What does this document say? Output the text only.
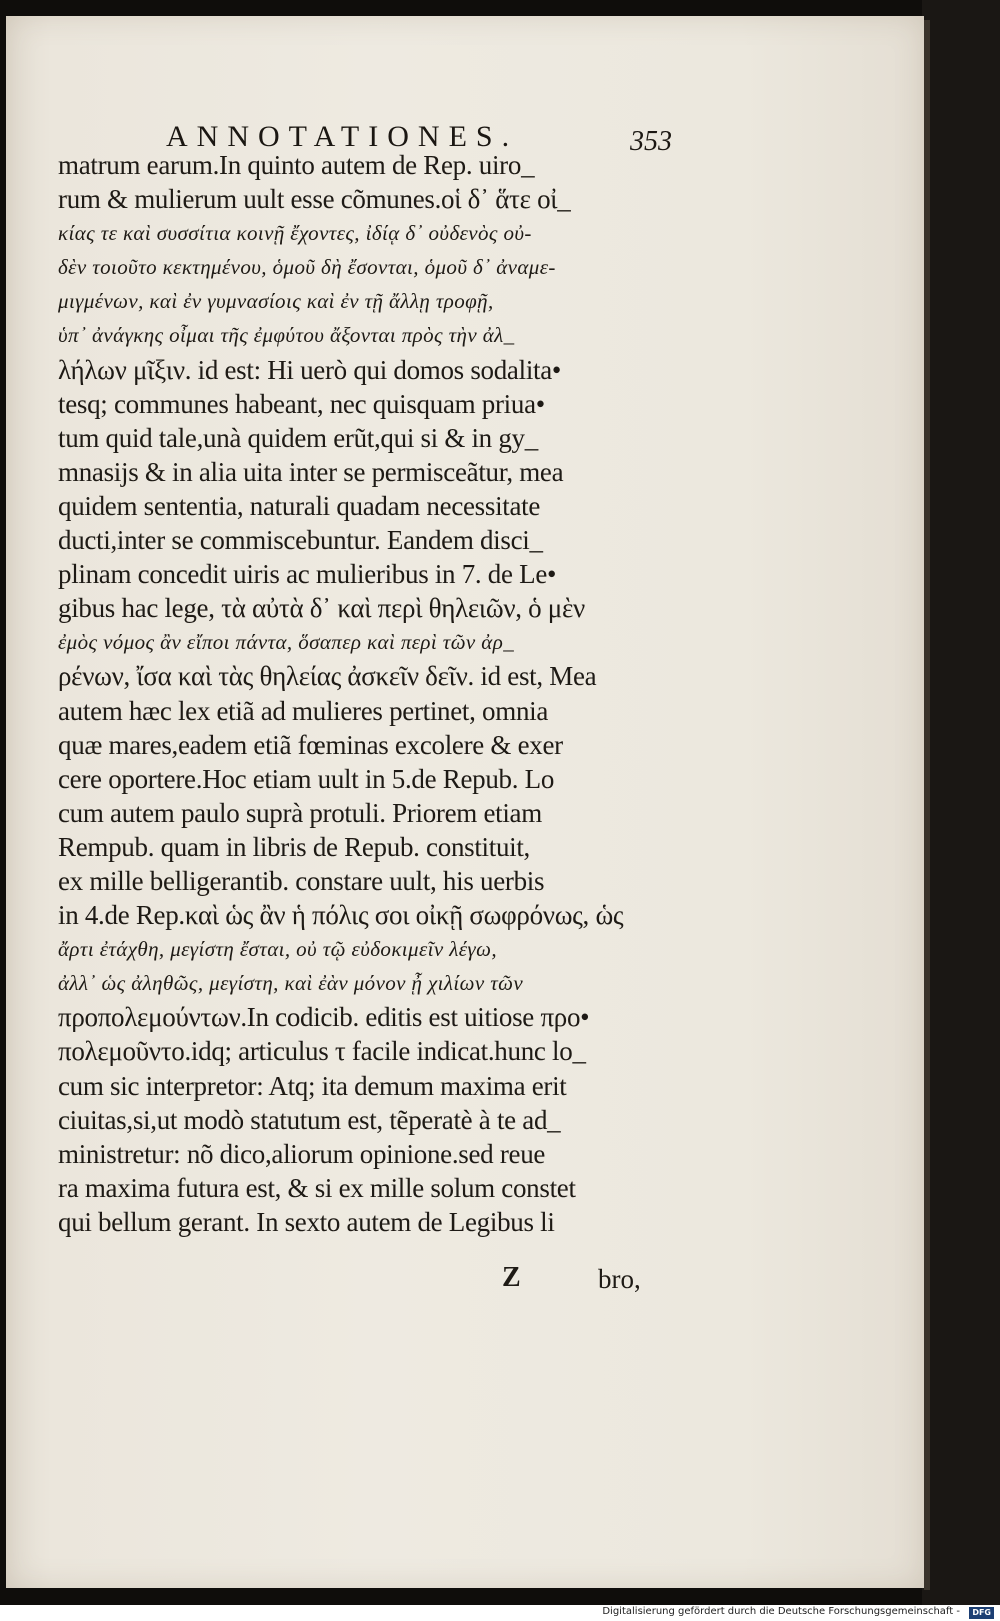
ANNOTATIONES.	353
matrum earum.In quinto autem de Rep. uiro_
rum & mulierum uult esse cõmunes.οἱ δ᾽ ἅτε οἰ_
κίας τε καὶ συσσίτια κοινῇ ἔχοντες, ἰδίᾳ δ᾽ οὐδενὸς οὐ-
δὲν τοιοῦτο κεκτημένου, ὁμοῦ δὴ ἔσονται, ὁμοῦ δ᾽ ἀναμε-
μιγμένων, καὶ ἐν γυμνασίοις καὶ ἐν τῇ ἄλλῃ τροφῇ,
ὑπ᾽ ἀνάγκης οἶμαι τῆς ἐμφύτου ἄξονται πρὸς τὴν ἀλ_
λήλων μῖξιν. id est: Hi uerò qui domos sodalita•
tesq; communes habeant, nec quisquam priua•
tum quid tale,unà quidem erũt,qui si & in gy_
mnasijs & in alia uita inter se permisceãtur, mea
quidem sententia, naturali quadam necessitate
ducti,inter se commiscebuntur. Eandem disci_
plinam concedit uiris ac mulieribus in 7. de Le•
gibus hac lege, τὰ αὐτὰ δ᾽ καὶ περὶ θηλειῶν, ὁ μὲν
ἐμὸς νόμος ἂν εἴποι πάντα, ὅσαπερ καὶ περὶ τῶν ἀρ_
ρένων, ἴσα καὶ τὰς θηλείας ἀσκεῖν δεῖν. id est, Mea
autem hæc lex etiã ad mulieres pertinet, omnia
quæ mares,eadem etiã fœminas excolere & exer
cere oportere.Hoc etiam uult in 5.de Repub. Lo
cum autem paulo suprà protuli. Priorem etiam
Rempub. quam in libris de Repub. constituit,
ex mille belligerantib. constare uult, his uerbis
in 4.de Rep.καὶ ὡς ἂν ἡ πόλις σοι οἰκῇ σωφρόνως, ὡς
ἄρτι ἐτάχθη, μεγίστη ἔσται, οὐ τῷ εὐδοκιμεῖν λέγω,
ἀλλ᾽ ὡς ἀληθῶς, μεγίστη, καὶ ἐὰν μόνον ᾖ χιλίων τῶν
προπολεμούντων.In codicib. editis est uitiose προ•
πολεμοῦντο.idq; articulus τ facile indicat.hunc lo_
cum sic interpretor: Atq; ita demum maxima erit
ciuitas,si,ut modò statutum est, tẽperatè à te ad_
ministretur: nõ dico,aliorum opinione.sed reue
ra maxima futura est, & si ex mille solum constet
qui bellum gerant. In sexto autem de Legibus li
Z	bro,
Digitalisierung gefördert durch die Deutsche Forschungsgemeinschaft -	DFG
